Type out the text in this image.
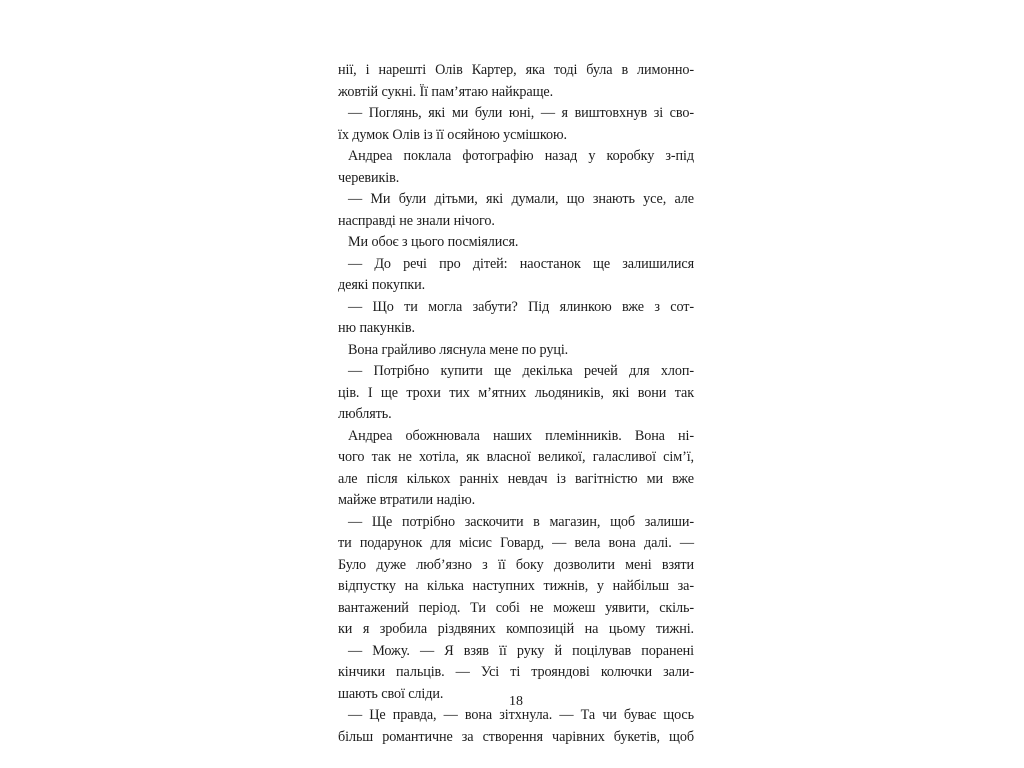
нії, і нарешті Олів Картер, яка тоді була в лимонно-
жовтій сукні. Її пам’ятаю найкраще.
— Поглянь, які ми були юні, — я виштовхнув зі сво-
їх думок Олів із її осяйною усмішкою.
Андреа поклала фотографію назад у коробку з-під
черевиків.
— Ми були дітьми, які думали, що знають усе, але
насправді не знали нічого.
Ми обоє з цього посміялися.
— До речі про дітей: наостанок ще залишилися
деякі покупки.
— Що ти могла забути? Під ялинкою вже з сот-
ню пакунків.
Вона грайливо ляснула мене по руці.
— Потрібно купити ще декілька речей для хлоп-
ців. І ще трохи тих м’ятних льодяників, які вони так
люблять.
Андреа обожнювала наших племінників. Вона ні-
чого так не хотіла, як власної великої, галасливої сім’ї,
але після кількох ранніх невдач із вагітністю ми вже
майже втратили надію.
— Ще потрібно заскочити в магазин, щоб залиши-
ти подарунок для місис Говард, — вела вона далі. —
Було дуже люб’язно з її боку дозволити мені взяти
відпустку на кілька наступних тижнів, у найбільш за-
вантажений період. Ти собі не можеш уявити, скіль-
ки я зробила різдвяних композицій на цьому тижні.
— Можу. — Я взяв її руку й поцілував поранені
кінчики пальців. — Усі ті трояндові колючки зали-
шають свої сліди.
— Це правда, — вона зітхнула. — Та чи буває щось
більш романтичне за створення чарівних букетів, щоб
18
